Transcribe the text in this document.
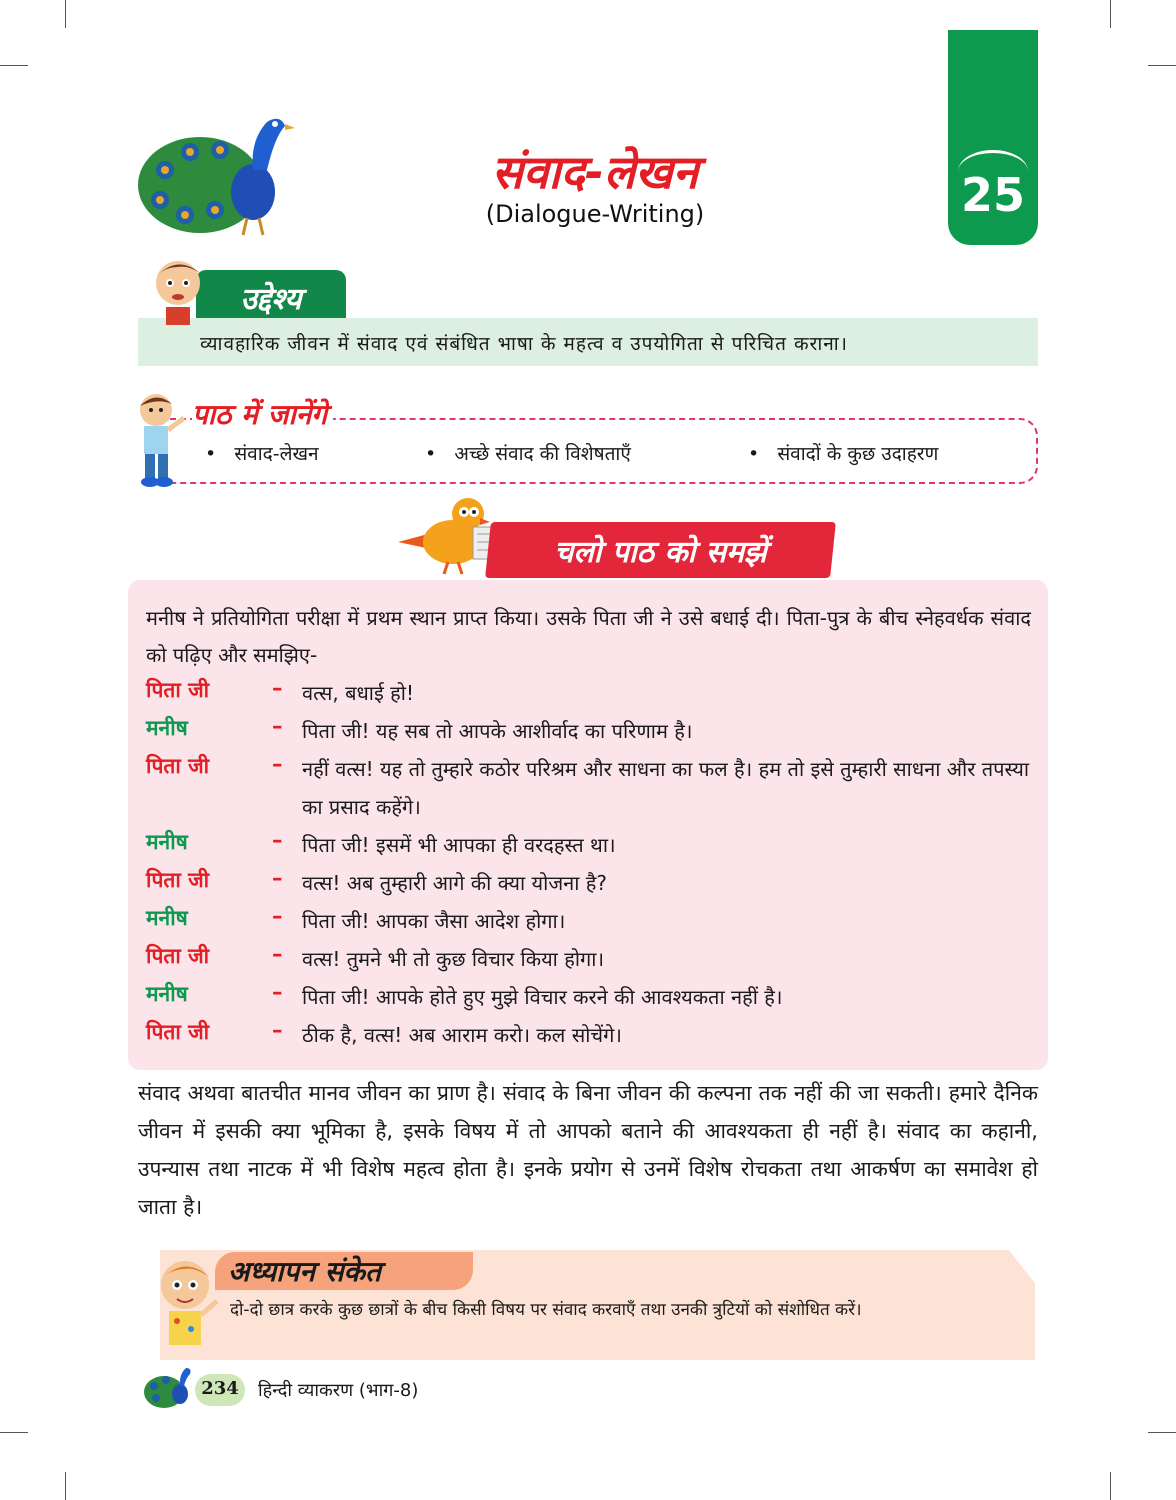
संवाद-लेखन
(Dialogue-Writing)	25
उद्देश्य
व्यावहारिक जीवन में संवाद एवं संबंधित भाषा के महत्व व उपयोगिता से परिचित कराना।
पाठ में जानेंगे
•   संवाद-लेखन	•   अच्छे संवाद की विशेषताएँ	•   संवादों के कुछ उदाहरण
चलो पाठ को समझें
मनीष ने प्रतियोगिता परीक्षा में प्रथम स्थान प्राप्त किया। उसके पिता जी ने उसे बधाई दी। पिता-पुत्र के बीच स्नेहवर्धक संवाद को पढ़िए और समझिए-
पिता जी	– वत्स, बधाई हो!
मनीष	– पिता जी! यह सब तो आपके आशीर्वाद का परिणाम है।
पिता जी	– नहीं वत्स! यह तो तुम्हारे कठोर परिश्रम और साधना का फल है। हम तो इसे तुम्हारी साधना और तपस्या का प्रसाद कहेंगे।
मनीष	– पिता जी! इसमें भी आपका ही वरदहस्त था।
पिता जी	– वत्स! अब तुम्हारी आगे की क्या योजना है?
मनीष	– पिता जी! आपका जैसा आदेश होगा।
पिता जी	– वत्स! तुमने भी तो कुछ विचार किया होगा।
मनीष	– पिता जी! आपके होते हुए मुझे विचार करने की आवश्यकता नहीं है।
पिता जी	– ठीक है, वत्स! अब आराम करो। कल सोचेंगे।
संवाद अथवा बातचीत मानव जीवन का प्राण है। संवाद के बिना जीवन की कल्पना तक नहीं की जा सकती। हमारे दैनिक जीवन में इसकी क्या भूमिका है, इसके विषय में तो आपको बताने की आवश्यकता ही नहीं है। संवाद का कहानी, उपन्यास तथा नाटक में भी विशेष महत्व होता है। इनके प्रयोग से उनमें विशेष रोचकता तथा आकर्षण का समावेश हो जाता है।
अध्यापन संकेत
दो-दो छात्र करके कुछ छात्रों के बीच किसी विषय पर संवाद करवाएँ तथा उनकी त्रुटियों को संशोधित करें।
234	हिन्दी व्याकरण (भाग-8)
